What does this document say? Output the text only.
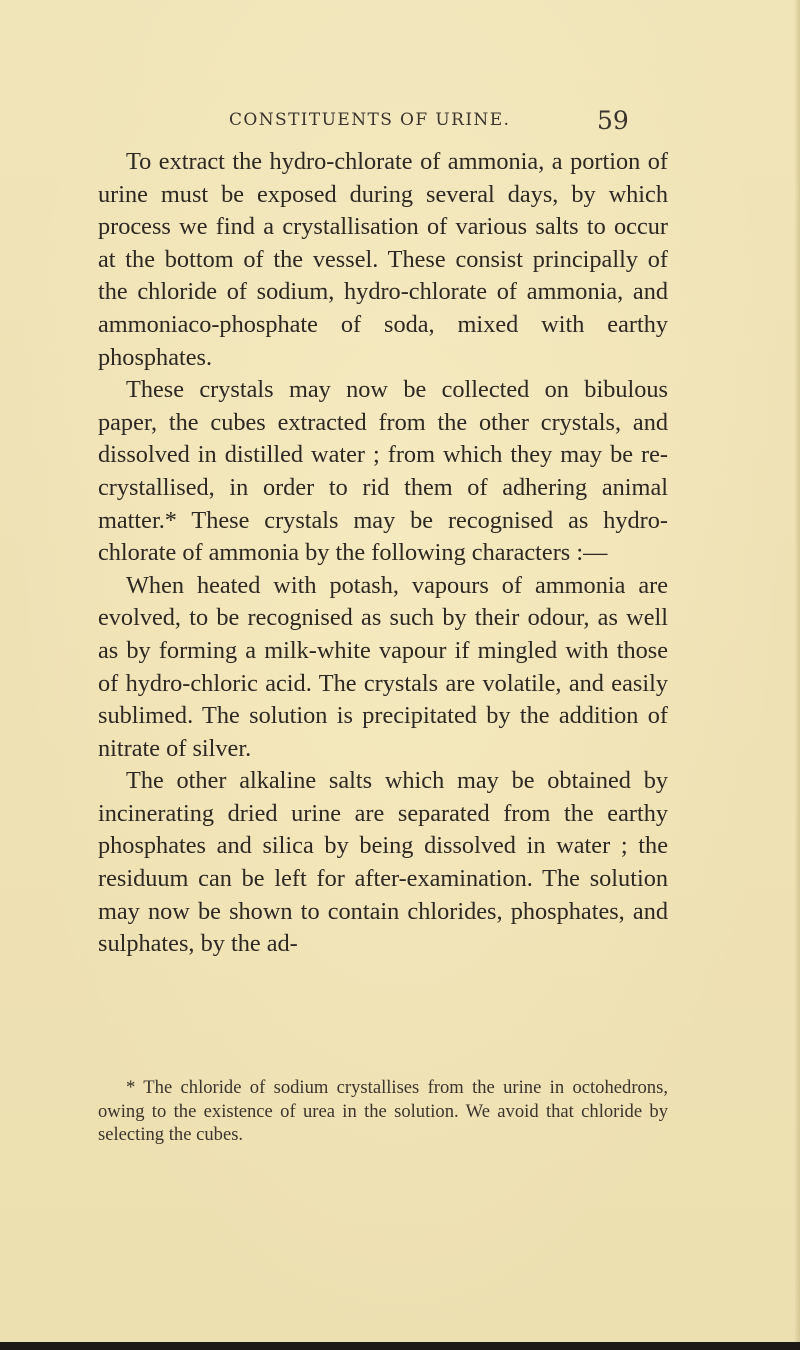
CONSTITUENTS OF URINE.	59

To extract the hydro-chlorate of ammonia, a portion of urine must be exposed during several days, by which process we find a crystallisation of various salts to occur at the bottom of the vessel. These consist principally of the chloride of sodium, hydro-chlorate of ammonia, and ammoniaco-phosphate of soda, mixed with earthy phosphates.

These crystals may now be collected on bibulous paper, the cubes extracted from the other crystals, and dissolved in distilled water ; from which they may be re-crystallised, in order to rid them of adhering animal matter.* These crystals may be recognised as hydro-chlorate of ammonia by the following characters :—

When heated with potash, vapours of ammonia are evolved, to be recognised as such by their odour, as well as by forming a milk-white vapour if mingled with those of hydro-chloric acid. The crystals are volatile, and easily sublimed. The solution is precipitated by the addition of nitrate of silver.

The other alkaline salts which may be obtained by incinerating dried urine are separated from the earthy phosphates and silica by being dissolved in water ; the residuum can be left for after-examination. The solution may now be shown to contain chlorides, phosphates, and sulphates, by the ad-

* The chloride of sodium crystallises from the urine in octohedrons, owing to the existence of urea in the solution. We avoid that chloride by selecting the cubes.
